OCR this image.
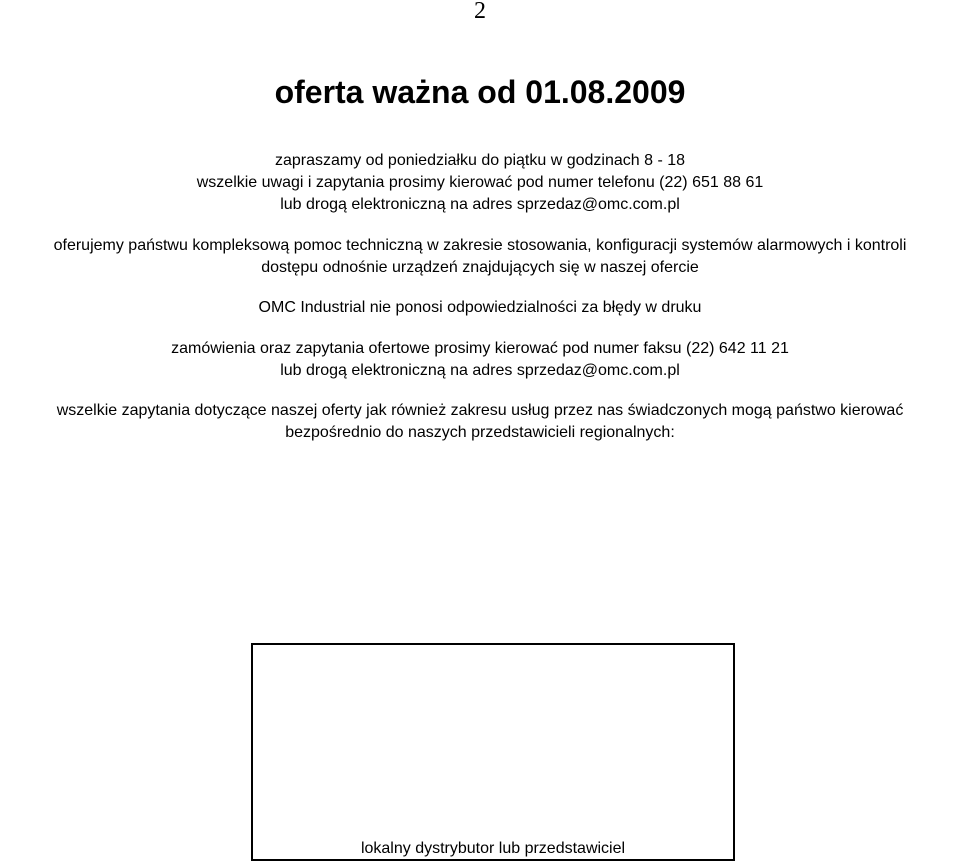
2
oferta ważna od 01.08.2009
zapraszamy od poniedziałku do piątku w godzinach 8 - 18
wszelkie uwagi i zapytania prosimy kierować pod numer telefonu (22) 651 88 61
lub drogą elektroniczną na adres sprzedaz@omc.com.pl
oferujemy państwu kompleksową pomoc techniczną w zakresie stosowania, konfiguracji systemów alarmowych i kontroli
dostępu odnośnie urządzeń znajdujących się w naszej ofercie
OMC Industrial nie ponosi odpowiedzialności za błędy w druku
zamówienia oraz zapytania ofertowe prosimy kierować pod numer faksu (22) 642 11 21
lub drogą elektroniczną na adres sprzedaz@omc.com.pl
wszelkie zapytania dotyczące naszej oferty jak również zakresu usług przez nas świadczonych mogą państwo kierować
bezpośrednio do naszych przedstawicieli regionalnych:
lokalny dystrybutor lub przedstawiciel
